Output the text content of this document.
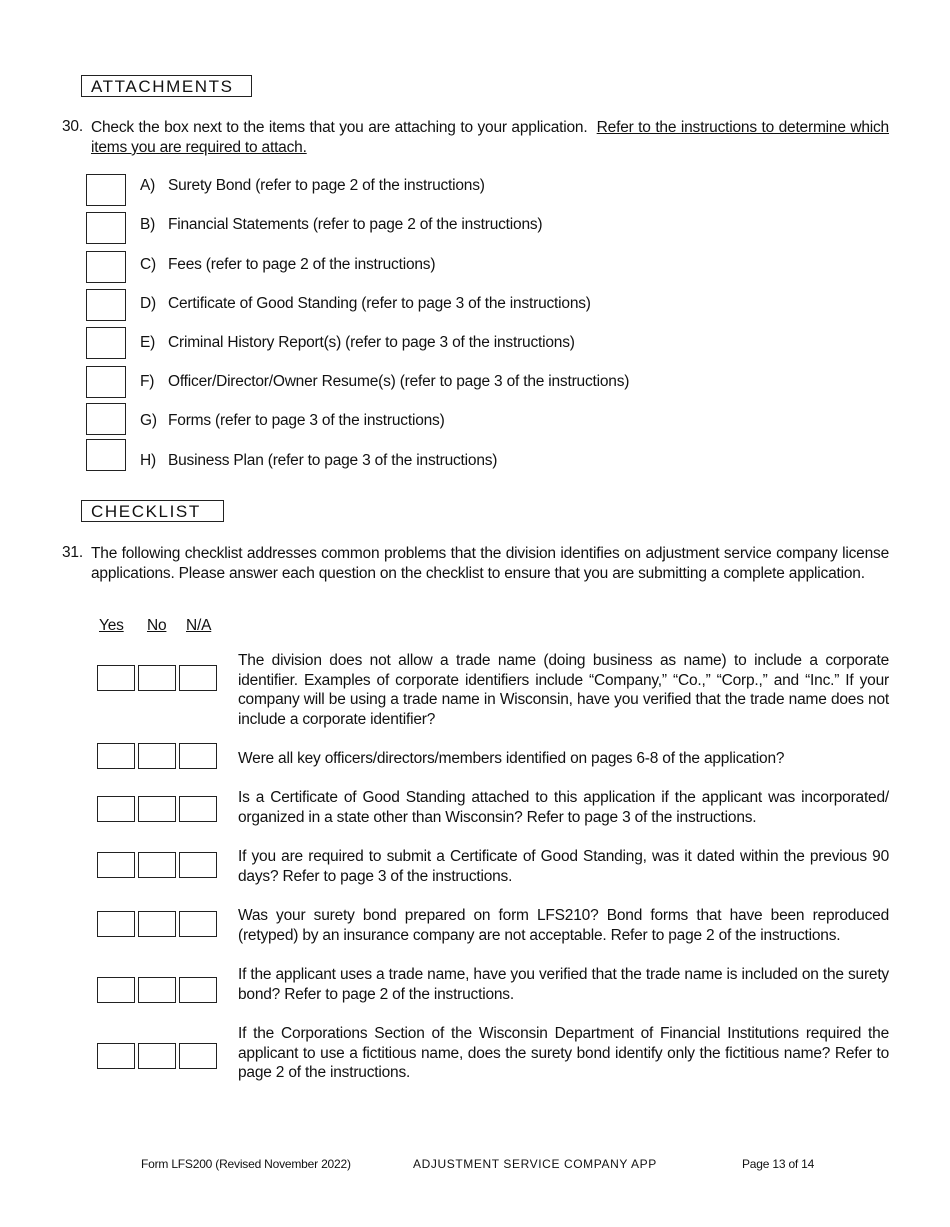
ATTACHMENTS
30. Check the box next to the items that you are attaching to your application. Refer to the instructions to determine which items you are required to attach.
A) Surety Bond (refer to page 2 of the instructions)
B) Financial Statements (refer to page 2 of the instructions)
C) Fees (refer to page 2 of the instructions)
D) Certificate of Good Standing (refer to page 3 of the instructions)
E) Criminal History Report(s) (refer to page 3 of the instructions)
F) Officer/Director/Owner Resume(s) (refer to page 3 of the instructions)
G) Forms (refer to page 3 of the instructions)
H) Business Plan (refer to page 3 of the instructions)
CHECKLIST
31. The following checklist addresses common problems that the division identifies on adjustment service company license applications. Please answer each question on the checklist to ensure that you are submitting a complete application.
Yes No N/A
The division does not allow a trade name (doing business as name) to include a corporate identifier. Examples of corporate identifiers include “Company,” “Co.,” “Corp.,” and “Inc.” If your company will be using a trade name in Wisconsin, have you verified that the trade name does not include a corporate identifier?
Were all key officers/directors/members identified on pages 6-8 of the application?
Is a Certificate of Good Standing attached to this application if the applicant was incorporated/ organized in a state other than Wisconsin? Refer to page 3 of the instructions.
If you are required to submit a Certificate of Good Standing, was it dated within the previous 90 days? Refer to page 3 of the instructions.
Was your surety bond prepared on form LFS210? Bond forms that have been reproduced (retyped) by an insurance company are not acceptable. Refer to page 2 of the instructions.
If the applicant uses a trade name, have you verified that the trade name is included on the surety bond? Refer to page 2 of the instructions.
If the Corporations Section of the Wisconsin Department of Financial Institutions required the applicant to use a fictitious name, does the surety bond identify only the fictitious name? Refer to page 2 of the instructions.
Form LFS200 (Revised November 2022)	ADJUSTMENT SERVICE COMPANY APP	Page 13 of 14
